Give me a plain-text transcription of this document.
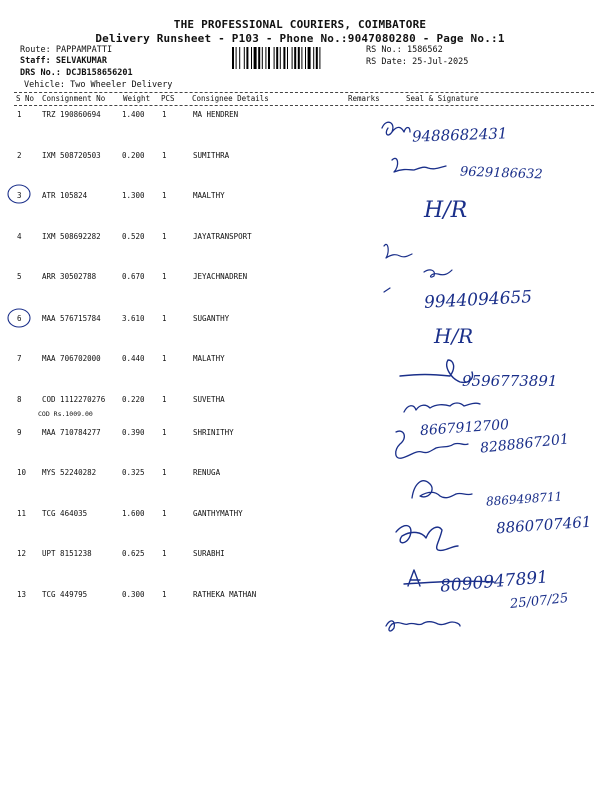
THE PROFESSIONAL COURIERS, COIMBATORE
Delivery Runsheet - P103 - Phone No.:9047080280 - Page No.:1
Route: PAPPAMPATTI
Staff: SELVAKUMAR
DRS No.: DCJB158656201
Vehicle: Two Wheeler Delivery
RS No.: 1586562
RS Date: 25-Jul-2025
S No Consignment No Weight PCS Consignee Details	Remarks	Seal & Signature
1	TRZ 190860694	1.400 1	MA HENDREN
2	IXM 508720503	0.200 1	SUMITHRA
3	ATR 105824	1.300 1	MAALTHY
4	IXM 508692282	0.520 1	JAYATRANSPORT
5	ARR 30502788	0.670 1	JEYACHNADREN
6	MAA 576715784	3.610 1	SUGANTHY
7	MAA 706702000	0.440 1	MALATHY
8	COD 1112270276 0.220 1	SUVETHA
COD Rs.1009.00
9	MAA 710784277	0.390 1	SHRINITHY
10 MYS 52240282	0.325 1	RENUGA
11 TCG 464035	1.600 1	GANTHYMATHY
12 UPT 8151238	0.625 1	SURABHI
13 TCG 449795	0.300 1	RATHEKA MATHAN
9488682431
9629186632
H/R
9944094655
H/R
9596773891
8667912700
8288867201
8869498711
8860707461
8090947891
25/07/25
